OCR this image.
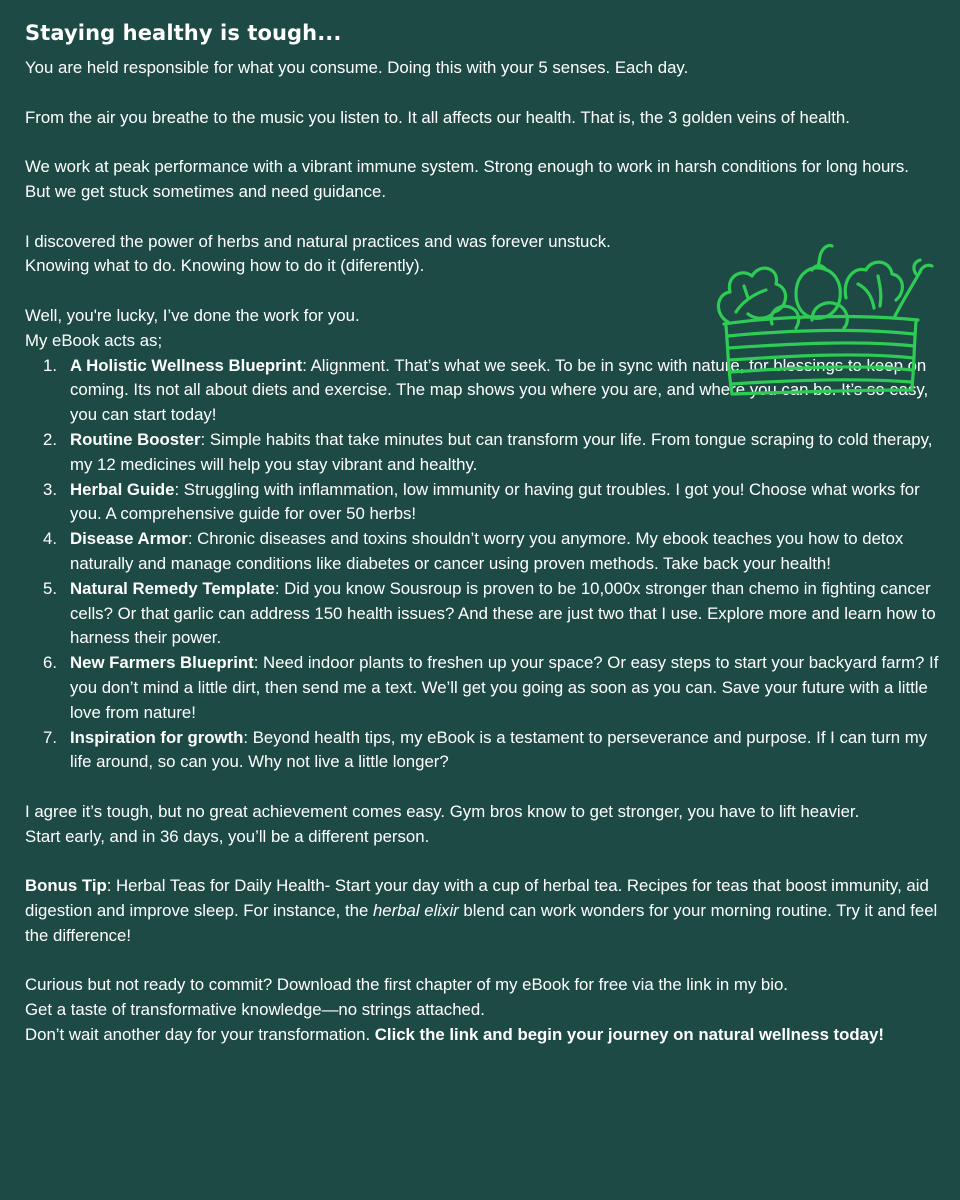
Staying healthy is tough...

You are held responsible for what you consume. Doing this with your 5 senses. Each day.

From the air you breathe to the music you listen to. It all affects our health. That is, the 3 golden veins of health.

We work at peak performance with a vibrant immune system. Strong enough to work in harsh conditions for long hours.

But we get stuck sometimes and need guidance.

I discovered the power of herbs and natural practices and was forever unstuck.

Knowing what to do. Knowing how to do it (diferently).

Well, you're lucky, I’ve done the work for you.

My eBook acts as;

1. A Holistic Wellness Blueprint: Alignment. That’s what we seek. To be in sync with nature, for blessings to keep on coming. Its not all about diets and exercise. The map shows you where you are, and where you can be. It’s so easy, you can start today!
2. Routine Booster: Simple habits that take minutes but can transform your life. From tongue scraping to cold therapy, my 12 medicines will help you stay vibrant and healthy.
3. Herbal Guide: Struggling with inflammation, low immunity or having gut troubles. I got you! Choose what works for you. A comprehensive guide for over 50 herbs!
4. Disease Armor: Chronic diseases and toxins shouldn’t worry you anymore. My ebook teaches you how to detox naturally and manage conditions like diabetes or cancer using proven methods. Take back your health!
5. Natural Remedy Template: Did you know Sousroup is proven to be 10,000x stronger than chemo in fighting cancer cells? Or that garlic can address 150 health issues? And these are just two that I use. Explore more and learn how to harness their power.
6. New Farmers Blueprint: Need indoor plants to freshen up your space? Or easy steps to start your backyard farm? If you don’t mind a little dirt, then send me a text. We’ll get you going as soon as you can. Save your future with a little love from nature!
7. Inspiration for growth: Beyond health tips, my eBook is a testament to perseverance and purpose. If I can turn my life around, so can you. Why not live a little longer?

I agree it’s tough, but no great achievement comes easy. Gym bros know to get stronger, you have to lift heavier.

Start early, and in 36 days, you’ll be a different person.

Bonus Tip: Herbal Teas for Daily Health- Start your day with a cup of herbal tea. Recipes for teas that boost immunity, aid digestion and improve sleep. For instance, the herbal elixir blend can work wonders for your morning routine. Try it and feel the difference!

Curious but not ready to commit? Download the first chapter of my eBook for free via the link in my bio.

Get a taste of transformative knowledge—no strings attached.

Don’t wait another day for your transformation. Click the link and begin your journey on natural wellness today!
